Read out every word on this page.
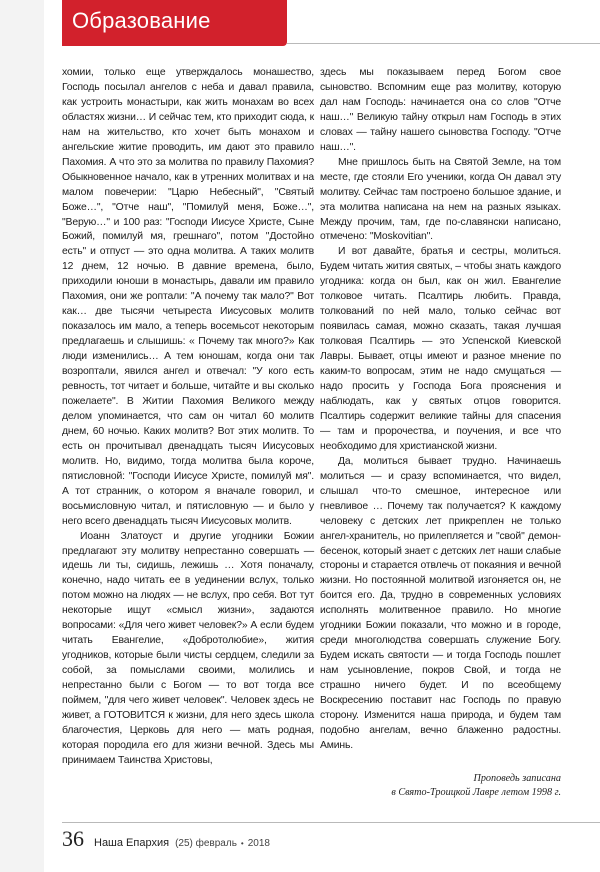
Образование

хомии, только еще утверждалось монашество, Господь посылал ангелов с неба и давал правила, как устроить монастыри, как жить монахам во всех областях жизни… И сейчас тем, кто приходит сюда, к нам на жительство, кто хочет быть монахом и ангельские житие проводить, им дают это правило Пахомия. А что это за молитва по правилу Пахомия? Обыкновенное начало, как в утренних молитвах и на малом повечерии: "Царю Небесный", "Святый Боже…", "Отче наш", "Помилуй меня, Боже…", "Верую…" и 100 раз: "Господи Иисусе Христе, Сыне Божий, помилуй мя, грешнаго", потом "Достойно есть" и отпуст — это одна молитва. А таких молитв 12 днем, 12 ночью. В давние времена, было, приходили юноши в монастырь, давали им правило Пахомия, они же роптали: "А почему так мало?" Вот как… две тысячи четыреста Иисусовых молитв показалось им мало, а теперь восемьсот некоторым предлагаешь и слышишь: « Почему так много?» Как люди изменились… А тем юношам, когда они так возроптали, явился ангел и отвечал: "У кого есть ревность, тот читает и больше, читайте и вы сколько пожелаете". В Житии Пахомия Великого между делом упоминается, что сам он читал 60 молитв днем, 60 ночью. Каких молитв? Вот этих молитв. То есть он прочитывал двенадцать тысяч Иисусовых молитв. Но, видимо, тогда молитва была короче, пятисловной: "Господи Иисусе Христе, помилуй мя". А тот странник, о котором я вначале говорил, и восьмисловную читал, и пятисловную — и было у него всего двенадцать тысяч Иисусовых молитв.

Иоанн Златоуст и другие угодники Божии предлагают эту молитву непрестанно совершать — идешь ли ты, сидишь, лежишь … Хотя поначалу, конечно, надо читать ее в уединении вслух, только потом можно на людях — не вслух, про себя. Вот тут некоторые ищут «смысл жизни», задаются вопросами: «Для чего живет человек?» А если будем читать Евангелие, «Добротолюбие», жития угодников, которые были чисты сердцем, следили за собой, за помыслами своими, молились и непрестанно были с Богом — то вот тогда все поймем, "для чего живет человек". Человек здесь не живет, а ГОТОВИТСЯ к жизни, для него здесь школа благочестия, Церковь для него — мать родная, которая породила его для жизни вечной. Здесь мы принимаем Таинства Христовы,

здесь мы показываем перед Богом свое сыновство. Вспомним еще раз молитву, которую дал нам Господь: начинается она со слов "Отче наш…" Великую тайну открыл нам Господь в этих словах — тайну нашего сыновства Господу. "Отче наш…".

Мне пришлось быть на Святой Земле, на том месте, где стояли Его ученики, когда Он давал эту молитву. Сейчас там построено большое здание, и эта молитва написана на нем на разных языках. Между прочим, там, где по-славянски написано, отмечено: "Moskovitian".

И вот давайте, братья и сестры, молиться. Будем читать жития святых, – чтобы знать каждого угодника: когда он был, как он жил. Евангелие толковое читать. Псалтирь любить. Правда, толкований по ней мало, только сейчас вот появилась самая, можно сказать, такая лучшая толковая Псалтирь — это Успенской Киевской Лавры. Бывает, отцы имеют и разное мнение по каким-то вопросам, этим не надо смущаться — надо просить у Господа Бога прояснения и наблюдать, как у святых отцов говорится. Псалтирь содержит великие тайны для спасения — там и пророчества, и поучения, и все что необходимо для христианской жизни.

Да, молиться бывает трудно. Начинаешь молиться — и сразу вспоминается, что видел, слышал что-то смешное, интересное или гневливое … Почему так получается? К каждому человеку с детских лет прикреплен не только ангел-хранитель, но прилепляется и "свой" демон-бесенок, который знает с детских лет наши слабые стороны и старается отвлечь от покаяния и вечной жизни. Но постоянной молитвой изгоняется он, не боится его. Да, трудно в современных условиях исполнять молитвенное правило. Но многие угодники Божии показали, что можно и в городе, среди многолюдства совершать служение Богу. Будем искать святости — и тогда Господь пошлет нам усыновление, покров Свой, и тогда не страшно ничего будет. И по всеобщему Воскресению поставит нас Господь по правую сторону. Изменится наша природа, и будем там подобно ангелам, вечно блаженно радостны. Аминь.

Проповедь записана
в Свято-Троицкой Лавре летом 1998 г.
36 Наша Епархия (25) февраль • 2018
